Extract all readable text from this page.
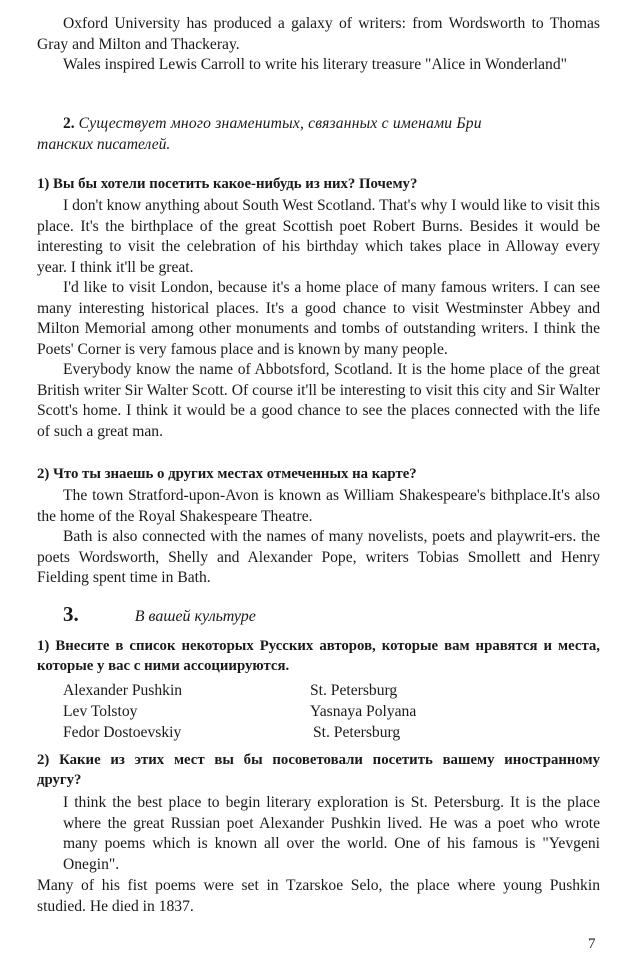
Oxford University has produced a galaxy of writers: from Wordsworth to Thomas Gray and Milton and Thackeray.

Wales inspired Lewis Carroll to write his literary treasure "Alice in Wonderland"

2. Существует много знаменитых, связанных с именами Бри

танских писателей.

1) Вы бы хотели посетить какое-нибудь из них? Почему?

I don't know anything about South West Scotland. That's why I would like to visit this place. It's the birthplace of the great Scottish poet Robert Burns. Besides it would be interesting to visit the celebration of his birthday which takes place in Alloway every year. I think it'll be great.

I'd like to visit London, because it's a home place of many famous writers. I can see many interesting historical places. It's a good chance to visit Westminster Abbey and Milton Memorial among other monuments and tombs of outstanding writers. I think the Poets' Corner is very famous place and is known by many people.

Everybody know the name of Abbotsford, Scotland. It is the home place of the great British writer Sir Walter Scott. Of course it'll be interesting to visit this city and Sir Walter Scott's home. I think it would be a good chance to see the places connected with the life of such a great man.

2) Что ты знаешь о других местах отмеченных на карте?

The town Stratford-upon-Avon is known as William Shakespeare's bithplace.It's also the home of the Royal Shakespeare Theatre.

Bath is also connected with the names of many novelists, poets and playwrit-ers. the poets Wordsworth, Shelly and Alexander Pope, writers Tobias Smollett and Henry Fielding spent time in Bath.

3.	В вашей культуре

1) Внесите в список некоторых Русских авторов, которые вам нравятся и места, которые у вас с ними ассоциируются.

Alexander Pushkin	St. Petersburg
Lev Tolstoy	Yasnaya Polyana
Fedor Dostoevskiy	St. Petersburg

2) Какие из этих мест вы бы посоветовали посетить вашему иностранному другу?

I think the best place to begin literary exploration is St. Petersburg. It is the place where the great Russian poet Alexander Pushkin lived. He was a poet who wrote many poems which is known all over the world. One of his famous is "Yevgeni Onegin".

Many of his fist poems were set in Tzarskoe Selo, the place where young Pushkin studied. He died in 1837.

7
